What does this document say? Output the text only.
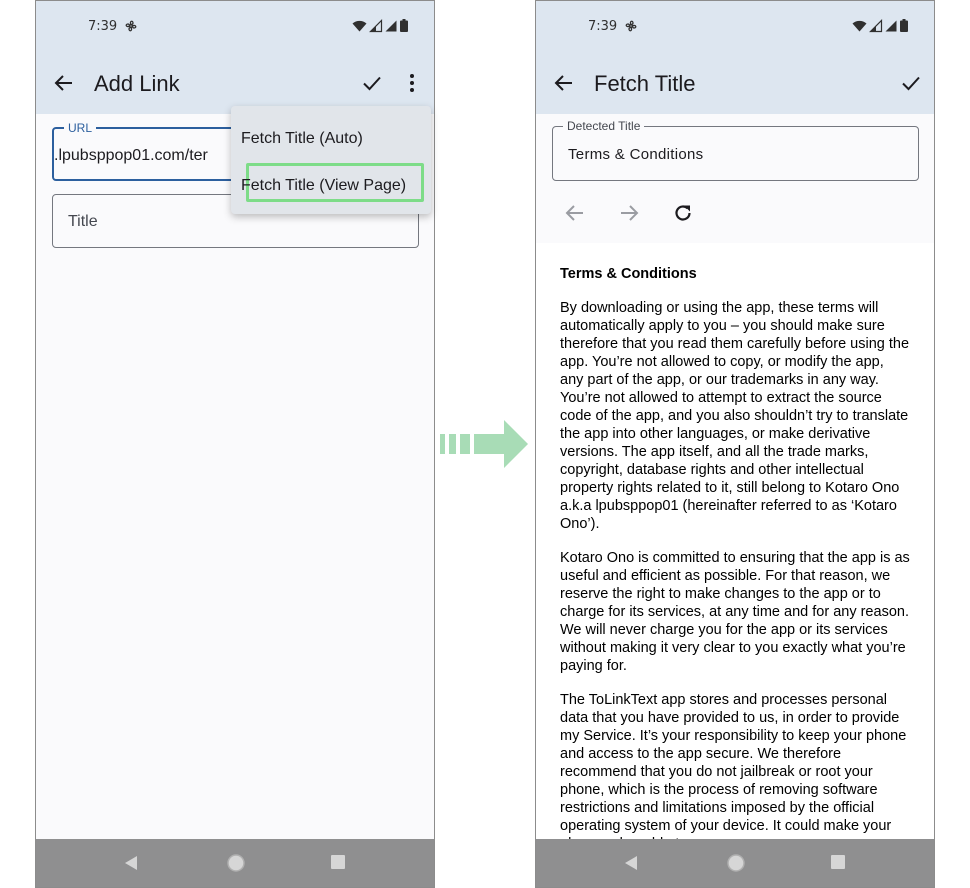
7:39
Add Link
URL
.lpubsppop01.com/ter
Title
Fetch Title (Auto)
Fetch Title (View Page)
7:39
Fetch Title
Detected Title
Terms & Conditions
Terms & Conditions

By downloading or using the app, these terms will automatically apply to you – you should make sure therefore that you read them carefully before using the app. You’re not allowed to copy, or modify the app, any part of the app, or our trademarks in any way. You’re not allowed to attempt to extract the source code of the app, and you also shouldn’t try to translate the app into other languages, or make derivative versions. The app itself, and all the trade marks, copyright, database rights and other intellectual property rights related to it, still belong to Kotaro Ono a.k.a lpubsppop01 (hereinafter referred to as ‘Kotaro Ono’).

Kotaro Ono is committed to ensuring that the app is as useful and efficient as possible. For that reason, we reserve the right to make changes to the app or to charge for its services, at any time and for any reason. We will never charge you for the app or its services without making it very clear to you exactly what you’re paying for.

The ToLinkText app stores and processes personal data that you have provided to us, in order to provide my Service. It’s your responsibility to keep your phone and access to the app secure. We therefore recommend that you do not jailbreak or root your phone, which is the process of removing software restrictions and limitations imposed by the official operating system of your device. It could make your
